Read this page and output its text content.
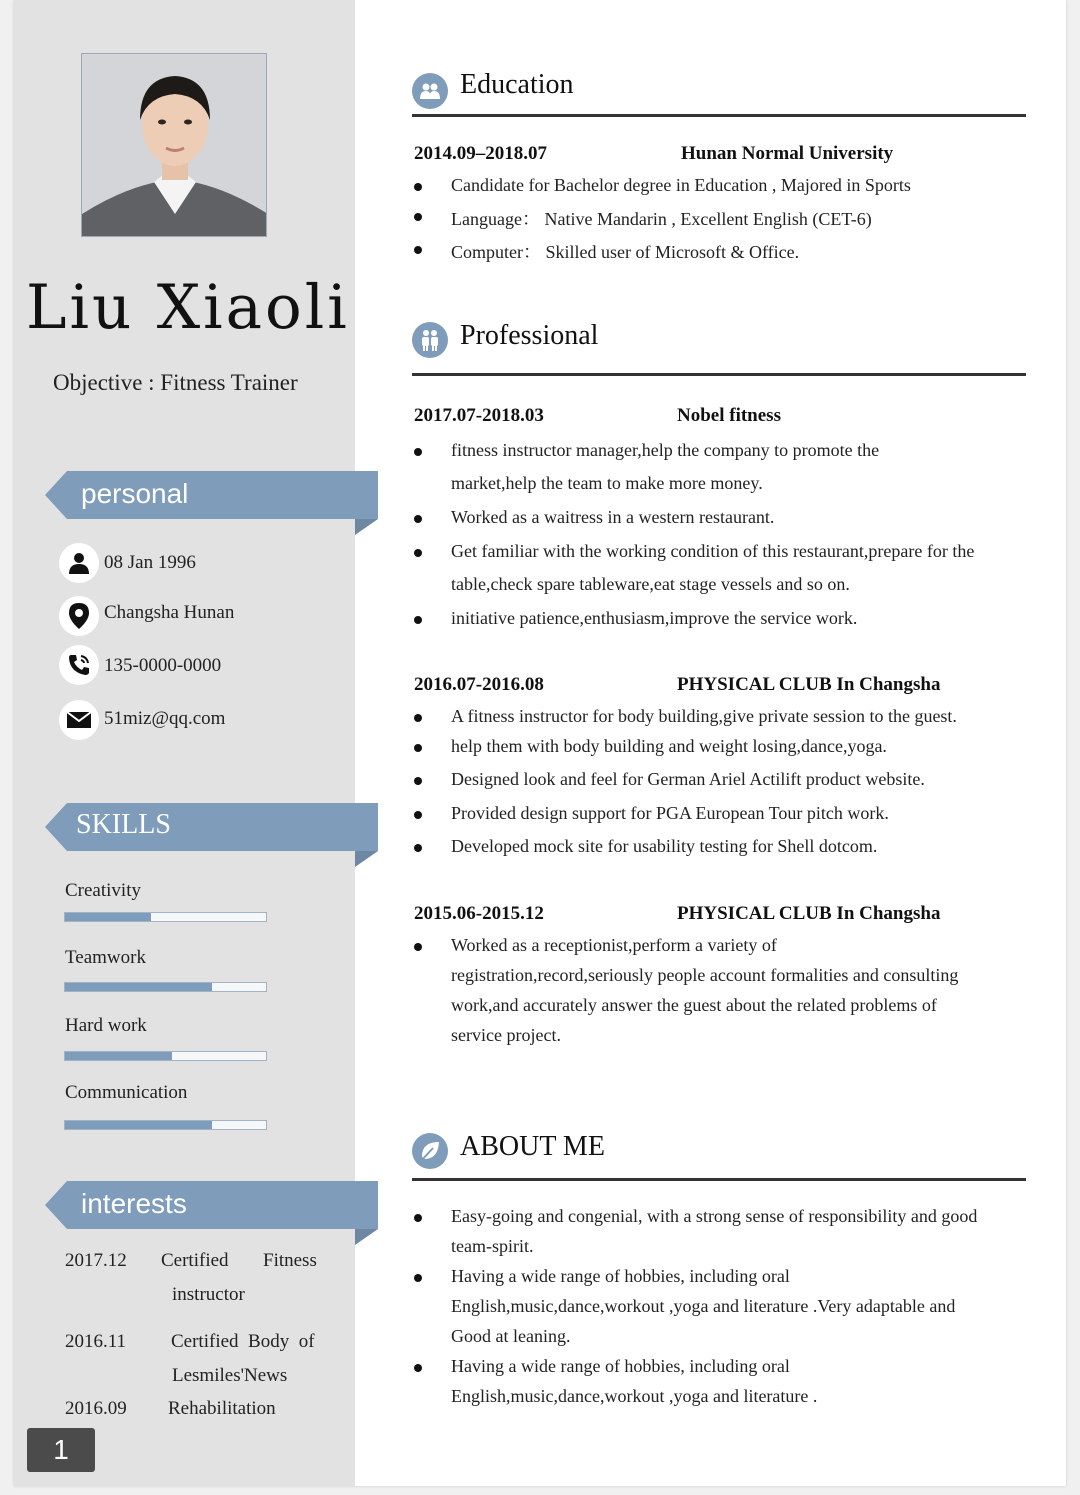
Liu Xiaoli
Objective : Fitness Trainer
personal
08 Jan 1996
Changsha Hunan
135-0000-0000
51miz@qq.com
SKILLS
Creativity
Teamwork
Hard work
Communication
interests
2017.12 Certified Fitness
instructor
2016.11 Certified  Body  of
Lesmiles'News
2016.09 Rehabilitation
1
Education
2014.09–2018.07	Hunan Normal University
Candidate for Bachelor degree in Education , Majored in Sports
Language： Native Mandarin , Excellent English (CET-6)
Computer： Skilled user of Microsoft & Office.
Professional
2017.07-2018.03	Nobel fitness
fitness instructor manager,help the company to promote the
market,help the team to make more money.
Worked as a waitress in a western restaurant.
Get familiar with the working condition of this restaurant,prepare for the
table,check spare tableware,eat stage vessels and so on.
initiative patience,enthusiasm,improve the service work.
2016.07-2016.08	PHYSICAL CLUB In Changsha
A fitness instructor for body building,give private session to the guest.
help them with body building and weight losing,dance,yoga.
Designed look and feel for German Ariel Actilift product website.
Provided design support for PGA European Tour pitch work.
Developed mock site for usability testing for Shell dotcom.
2015.06-2015.12	PHYSICAL CLUB In Changsha
Worked as a receptionist,perform a variety of
registration,record,seriously people account formalities and consulting
work,and accurately answer the guest about the related problems of
service project.
ABOUT ME
Easy-going and congenial, with a strong sense of responsibility and good
team-spirit.
Having a wide range of hobbies, including oral
English,music,dance,workout ,yoga and literature .Very adaptable and
Good at leaning.
Having a wide range of hobbies, including oral
English,music,dance,workout ,yoga and literature .
